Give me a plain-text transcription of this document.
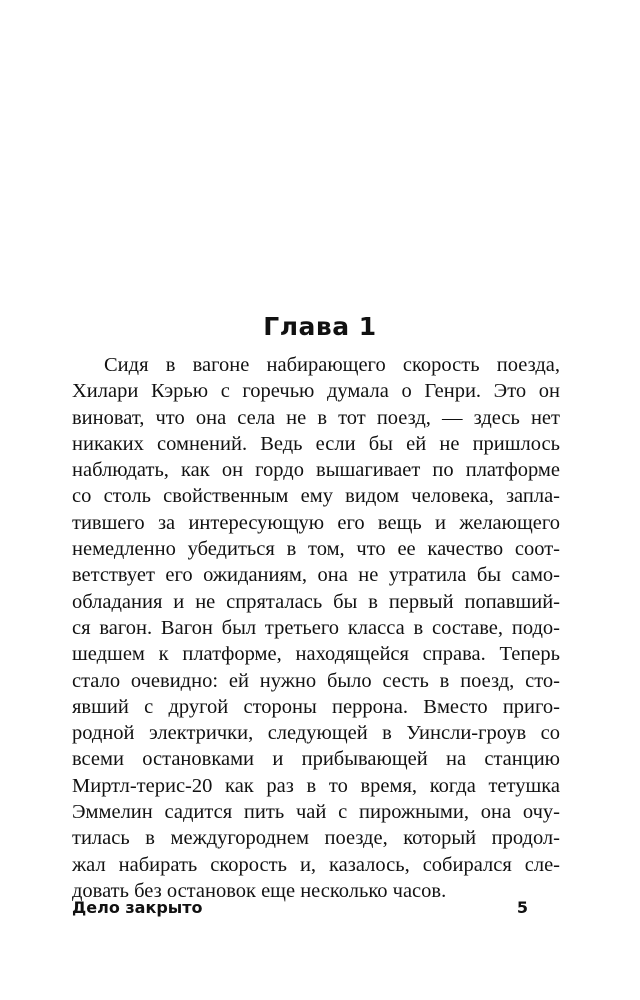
Глава 1
Сидя в вагоне набирающего скорость поезда,
Хилари Кэрью с горечью думала о Генри. Это он
виноват, что она села не в тот поезд, — здесь нет
никаких сомнений. Ведь если бы ей не пришлось
наблюдать, как он гордо вышагивает по платформе
со столь свойственным ему видом человека, запла-
тившего за интересующую его вещь и желающего
немедленно убедиться в том, что ее качество соот-
ветствует его ожиданиям, она не утратила бы само-
обладания и не спряталась бы в первый попавший-
ся вагон. Вагон был третьего класса в составе, подо-
шедшем к платформе, находящейся справа. Теперь
стало очевидно: ей нужно было сесть в поезд, сто-
явший с другой стороны перрона. Вместо приго-
родной электрички, следующей в Уинсли-гроув со
всеми остановками и прибывающей на станцию
Миртл-терис-20 как раз в то время, когда тетушка
Эммелин садится пить чай с пирожными, она очу-
тилась в междугороднем поезде, который продол-
жал набирать скорость и, казалось, собирался сле-
довать без остановок еще несколько часов.
Дело закрыто	5
